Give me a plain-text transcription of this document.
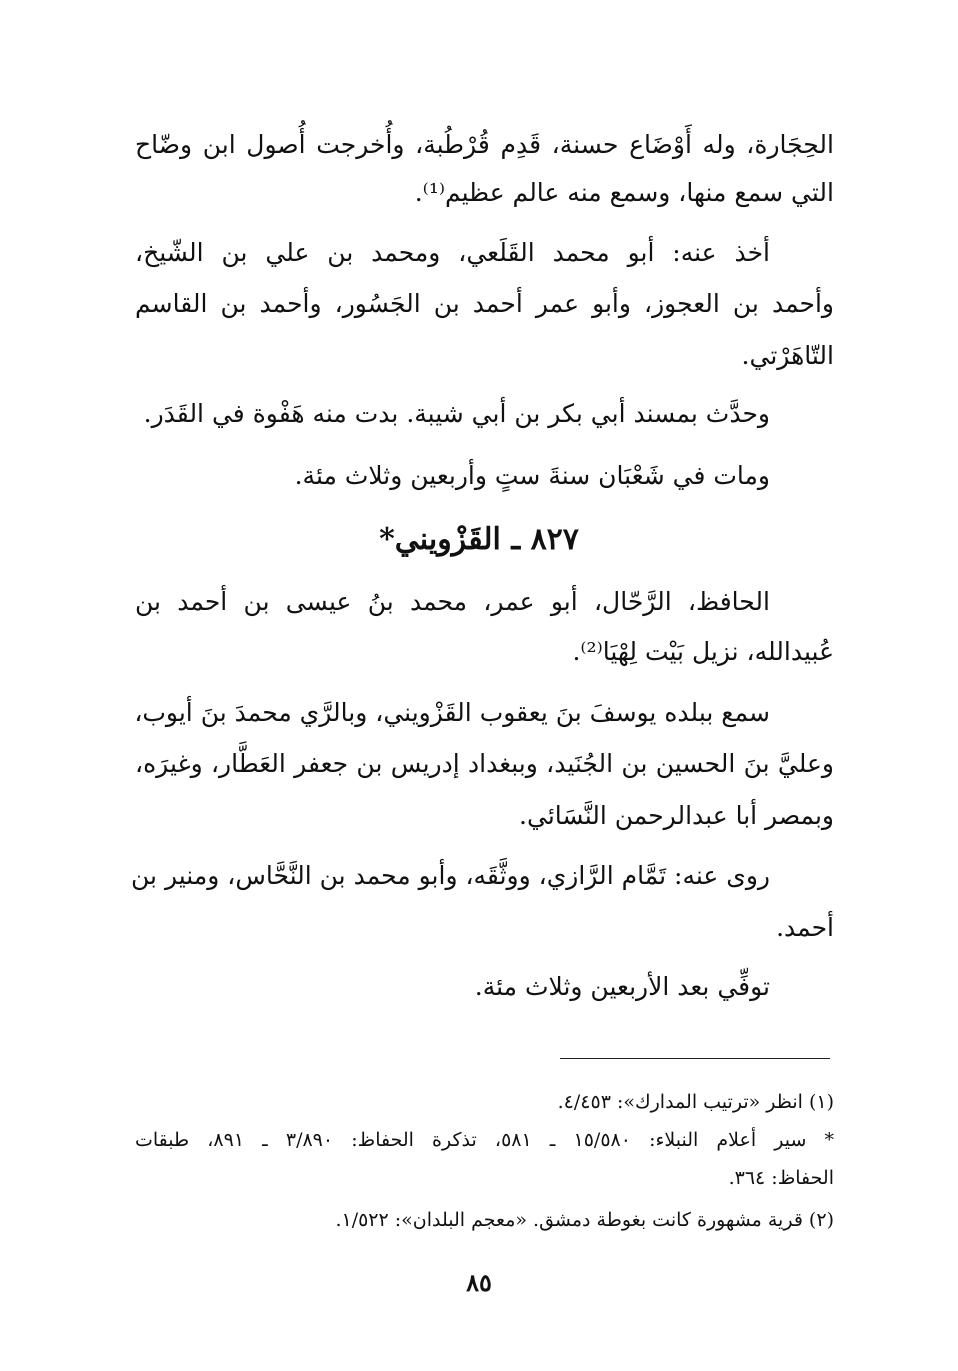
الحِجَارة، وله أَوْضَاع حسنة، قَدِم قُرْطُبة، وأُخرجت أُصول ابن وضّاح
التي سمع منها، وسمع منه عالم عظيم⁽¹⁾.
أخذ عنه: أبو محمد القَلَعي، ومحمد بن علي بن الشّيخ،
وأحمد بن العجوز، وأبو عمر أحمد بن الجَسُور، وأحمد بن القاسم
التّاهَرْتي.
وحدَّث بمسند أبي بكر بن أبي شيبة. بدت منه هَفْوة في القَدَر.
ومات في شَعْبَان سنةَ ستٍ وأربعين وثلاث مئة.
٨٢٧ ـ القَزْويني*
الحافظ، الرَّحّال، أبو عمر، محمد بنُ عيسى بن أحمد بن
عُبيدالله، نزيل بَيْت لِهْيَا⁽²⁾.
سمع ببلده يوسفَ بنَ يعقوب القَزْويني، وبالرَّي محمدَ بنَ أيوب،
وعليَّ بنَ الحسين بن الجُنَيد، وببغداد إدريس بن جعفر العَطَّار، وغيرَه،
وبمصر أبا عبدالرحمن النَّسَائي.
روى عنه: تَمَّام الرَّازي، ووثَّقَه، وأبو محمد بن النَّحَّاس، ومنير بن
أحمد.
توفِّي بعد الأربعين وثلاث مئة.
(١) انظر «ترتيب المدارك»: ٤/٤٥٣.
* سير أعلام النبلاء: ١٥/٥٨٠ ـ ٥٨١، تذكرة الحفاظ: ٣/٨٩٠ ـ ٨٩١، طبقات
الحفاظ: ٣٦٤.
(٢) قرية مشهورة كانت بغوطة دمشق. «معجم البلدان»: ١/٥٢٢.
٨٥
